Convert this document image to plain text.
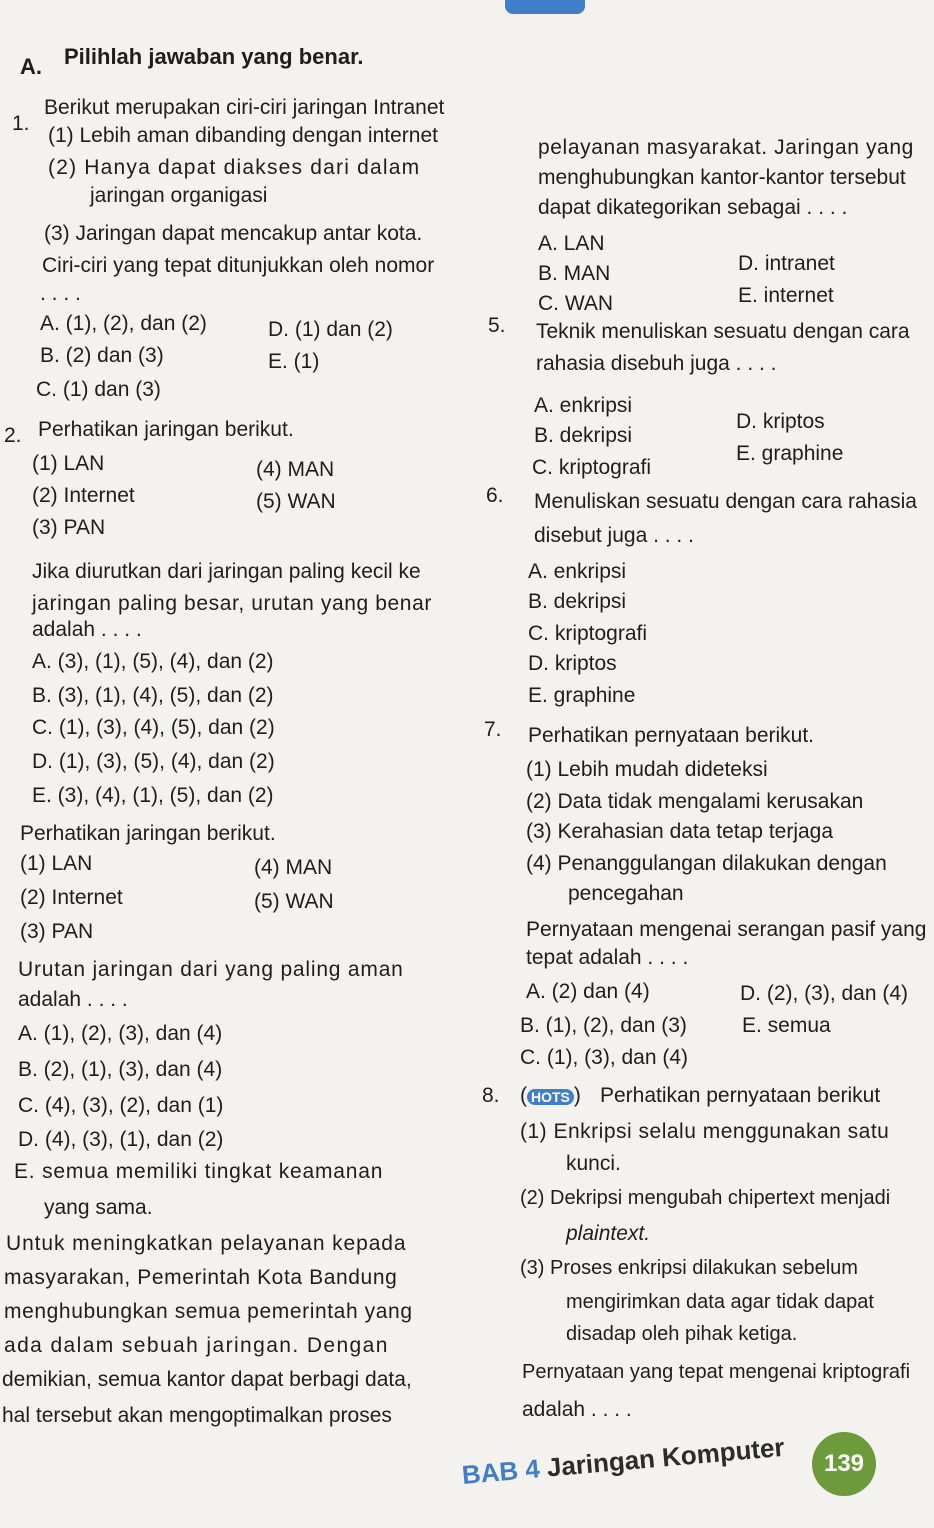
A. Pilihlah jawaban yang benar.
1.
Berikut merupakan ciri-ciri jaringan Intranet
(1) Lebih aman dibanding dengan internet
(2) Hanya dapat diakses dari dalam
jaringan organigasi
(3) Jaringan dapat mencakup antar kota.
Ciri-ciri yang tepat ditunjukkan oleh nomor
. . . .
A. (1), (2), dan (2)	D. (1) dan (2)
B. (2) dan (3)	E. (1)
C. (1) dan (3)
2. Perhatikan jaringan berikut.
(1) LAN	(4) MAN
(2) Internet	(5) WAN
(3) PAN
Jika diurutkan dari jaringan paling kecil ke
jaringan paling besar, urutan yang benar
adalah . . . .
A. (3), (1), (5), (4), dan (2)
B. (3), (1), (4), (5), dan (2)
C. (1), (3), (4), (5), dan (2)
D. (1), (3), (5), (4), dan (2)
E. (3), (4), (1), (5), dan (2)
Perhatikan jaringan berikut.
(1) LAN	(4) MAN
(2) Internet	(5) WAN
(3) PAN
Urutan jaringan dari yang paling aman
adalah . . . .
A. (1), (2), (3), dan (4)
B. (2), (1), (3), dan (4)
C. (4), (3), (2), dan (1)
D. (4), (3), (1), dan (2)
E. semua memiliki tingkat keamanan
yang sama.
Untuk meningkatkan pelayanan kepada
masyarakan, Pemerintah Kota Bandung
menghubungkan semua pemerintah yang
ada dalam sebuah jaringan. Dengan
demikian, semua kantor dapat berbagi data,
hal tersebut akan mengoptimalkan proses
pelayanan masyarakat. Jaringan yang
menghubungkan kantor-kantor tersebut
dapat dikategorikan sebagai . . . .
A. LAN
D. intranet
B. MAN
E. internet
C. WAN
5. Teknik menuliskan sesuatu dengan cara
rahasia disebuh juga . . . .
A. enkripsi
D. kriptos
B. dekripsi
E. graphine
C. kriptografi
6. Menuliskan sesuatu dengan cara rahasia
disebut juga . . . .
A. enkripsi
B. dekripsi
C. kriptografi
D. kriptos
E. graphine
7. Perhatikan pernyataan berikut.
(1) Lebih mudah dideteksi
(2) Data tidak mengalami kerusakan
(3) Kerahasian data tetap terjaga
(4) Penanggulangan dilakukan dengan
pencegahan
Pernyataan mengenai serangan pasif yang
tepat adalah . . . .
A. (2) dan (4)	D. (2), (3), dan (4)
B. (1), (2), dan (3)	E. semua
C. (1), (3), dan (4)
8. ( HOTS ) Perhatikan pernyataan berikut
(1) Enkripsi selalu menggunakan satu
kunci.
(2) Dekripsi mengubah chipertext menjadi
plaintext.
(3) Proses enkripsi dilakukan sebelum
mengirimkan data agar tidak dapat
disadap oleh pihak ketiga.
Pernyataan yang tepat mengenai kriptografi
adalah . . . .
BAB 4 Jaringan Komputer	139
